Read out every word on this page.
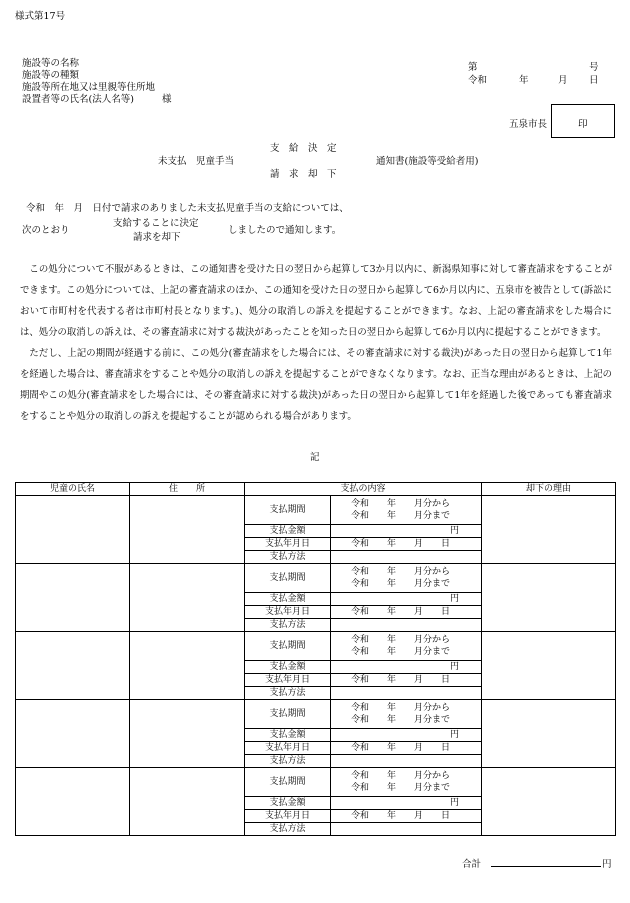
様式第17号
施設等の名称
施設等の種類
施設等所在地又は里親等住所地
設置者等の氏名(法人名等)	様
第	号
令和	年	月 日
五泉市長	印
未支払　児童手当
支　給　決　定
請　求　却　下
通知書(施設等受給者用)
令和　年　月　日付で請求のありました未支払児童手当の支給については、
次のとおり
支給することに決定
請求を却下
しましたので通知します。

この処分について不服があるときは、この通知書を受けた日の翌日から起算して3か月以内に、新潟県知事に対して審査請求をすることができます。この処分については、上記の審査請求のほか、この通知を受けた日の翌日から起算して6か月以内に、五泉市を被告として(訴訟において市町村を代表する者は市町村長となります。)、処分の取消しの訴えを提起することができます。なお、上記の審査請求をした場合には、処分の取消しの訴えは、その審査請求に対する裁決があったことを知った日の翌日から起算して6か月以内に提起することができます。

ただし、上記の期間が経過する前に、この処分(審査請求をした場合には、その審査請求に対する裁決)があった日の翌日から起算して1年を経過した場合は、審査請求をすることや処分の取消しの訴えを提起することができなくなります。なお、正当な理由があるときは、上記の期間やこの処分(審査請求をした場合には、その審査請求に対する裁決)があった日の翌日から起算して1年を経過した後であっても審査請求をすることや処分の取消しの訴えを提起することが認められる場合があります。

記
児童の氏名	住　　所	支払の内容		却下の理由
		支払期間	令和　　年　　月分から
令和　　年　　月分まで	

		支払金額	円	
		支払年月日	令和　　年　　月　　日	
		支払方法		
		支払期間	令和　　年　　月分から
令和　　年　　月分まで	

		支払金額	円	
		支払年月日	令和　　年　　月　　日	
		支払方法		
		支払期間	令和　　年　　月分から
令和　　年　　月分まで	

		支払金額	円	
		支払年月日	令和　　年　　月　　日	
		支払方法		
		支払期間	令和　　年　　月分から
令和　　年　　月分まで	

		支払金額	円	
		支払年月日	令和　　年　　月　　日	
		支払方法		
		支払期間	令和　　年　　月分から
令和　　年　　月分まで	

		支払金額	円	
		支払年月日	令和　　年　　月　　日	
		支払方法		
合計	円
